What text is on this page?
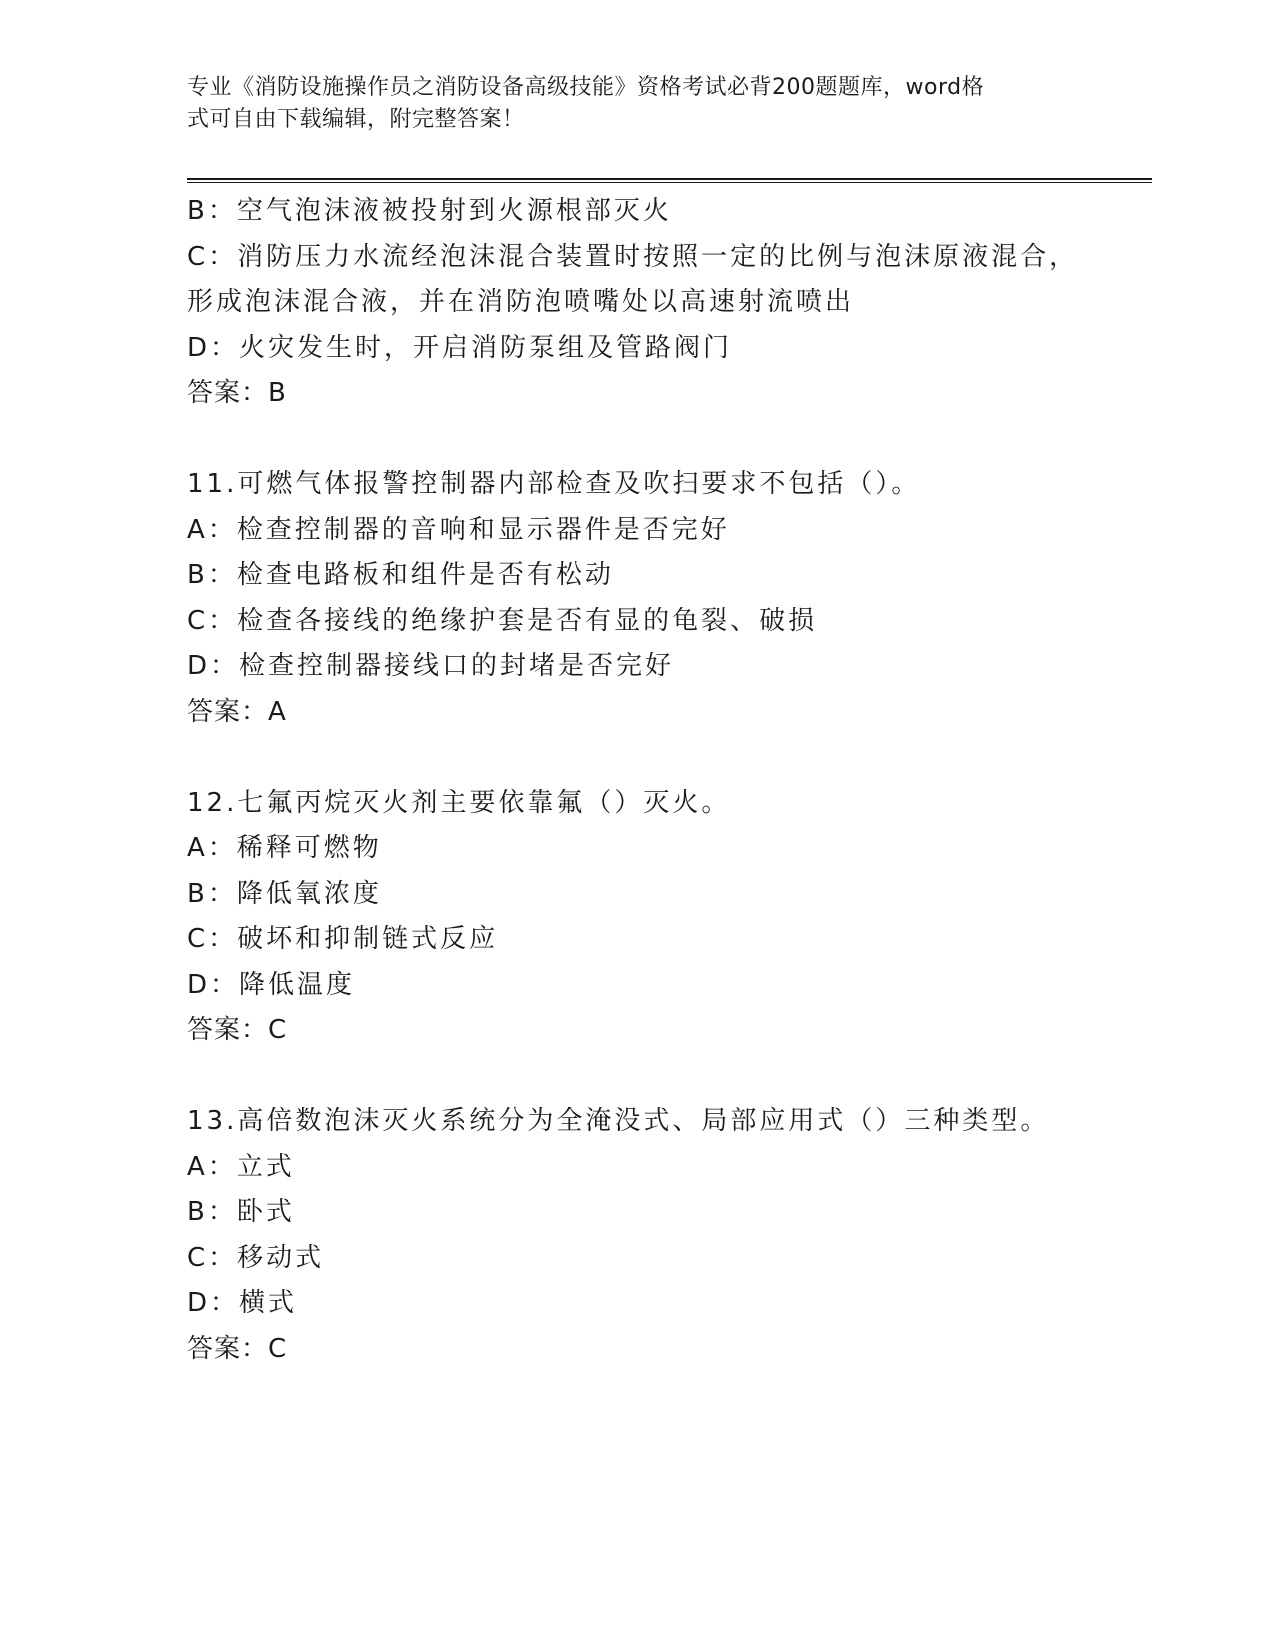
专业《消防设施操作员之消防设备高级技能》资格考试必背200题题库，word格
式可自由下载编辑，附完整答案！
B：空气泡沫液被投射到火源根部灭火
C：消防压力水流经泡沫混合装置时按照一定的比例与泡沫原液混合，
形成泡沫混合液，并在消防泡喷嘴处以高速射流喷出
D：火灾发生时，开启消防泵组及管路阀门
答案：B
11.可燃气体报警控制器内部检查及吹扫要求不包括（）。
A：检查控制器的音响和显示器件是否完好
B：检查电路板和组件是否有松动
C：检查各接线的绝缘护套是否有显的龟裂、破损
D：检查控制器接线口的封堵是否完好
答案：A
12.七氟丙烷灭火剂主要依靠氟（）灭火。
A：稀释可燃物
B：降低氧浓度
C：破坏和抑制链式反应
D：降低温度
答案：C
13.高倍数泡沫灭火系统分为全淹没式、局部应用式（）三种类型。
A：立式
B：卧式
C：移动式
D：横式
答案：C
